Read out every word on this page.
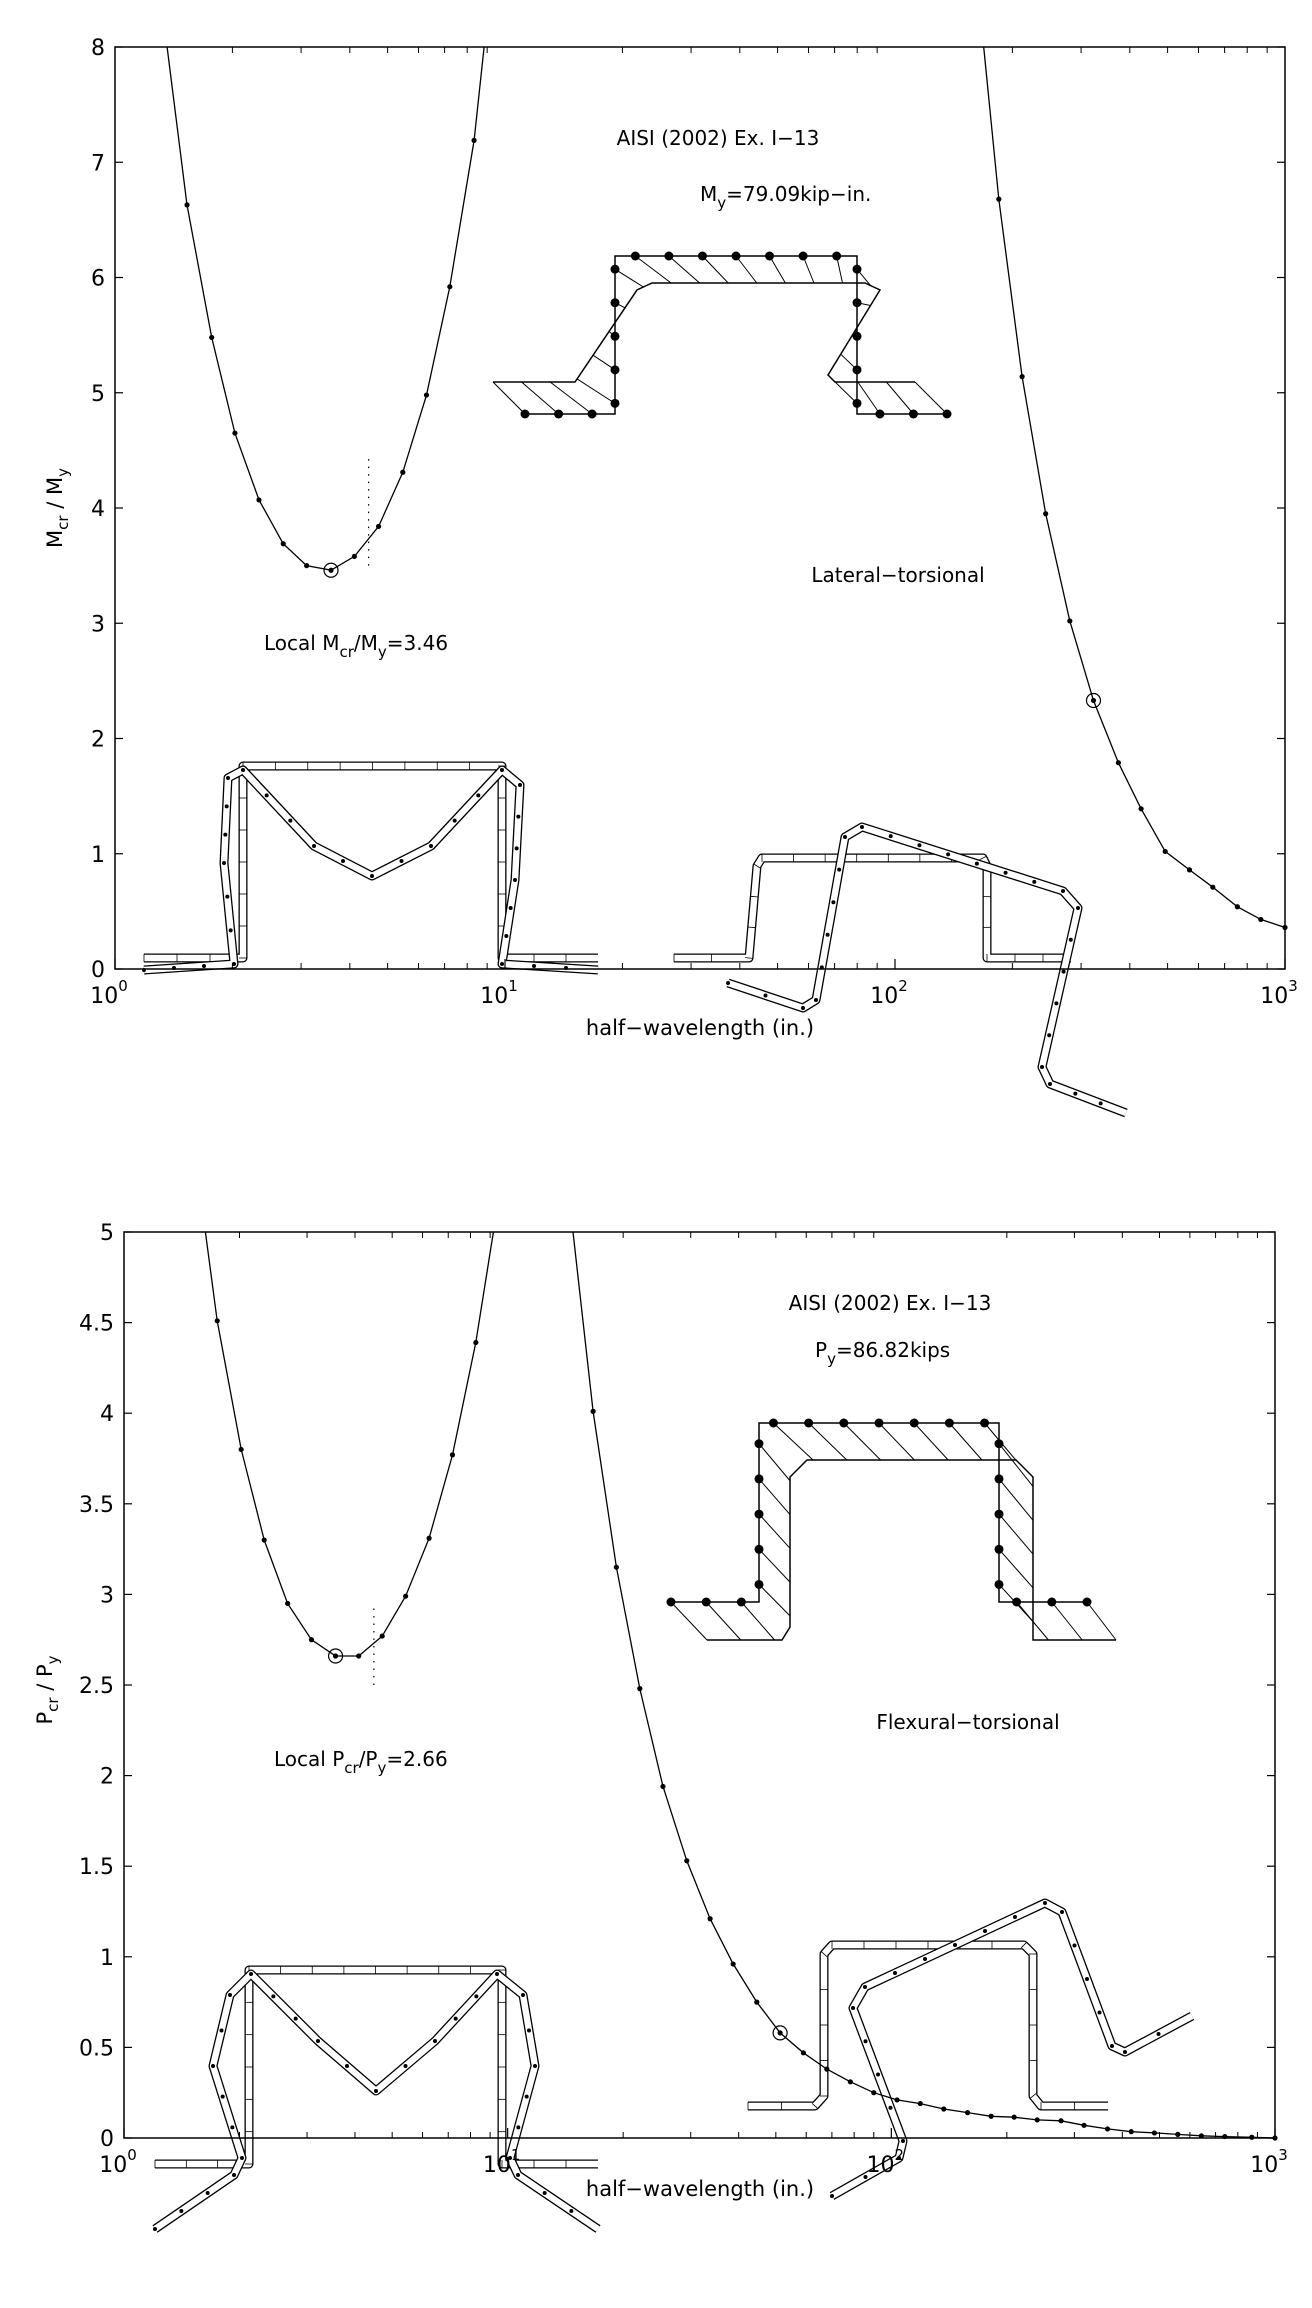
0
1
2
3
4
5
6
7
8
$10^0$	$10^1$	$10^2$	$10^3$
half−wavelength (in.)
$M_{cr} / M_y$
AISI (2002) Ex. I−13
$M_y=79.09kip-in$.
Lateral−torsional
Local $M_{cr}/M_y=3.46$
0
0.5
1
1.5
2
2.5
3
3.5
4
4.5
5
$10^0$	$10^1$	$10^2$	$10^3$
half−wavelength (in.)
$P_{cr} / P_y$
AISI (2002) Ex. I−13
$P_y=86.82kips$
Flexural−torsional
Local $P_{cr}/P_y=2.66$
